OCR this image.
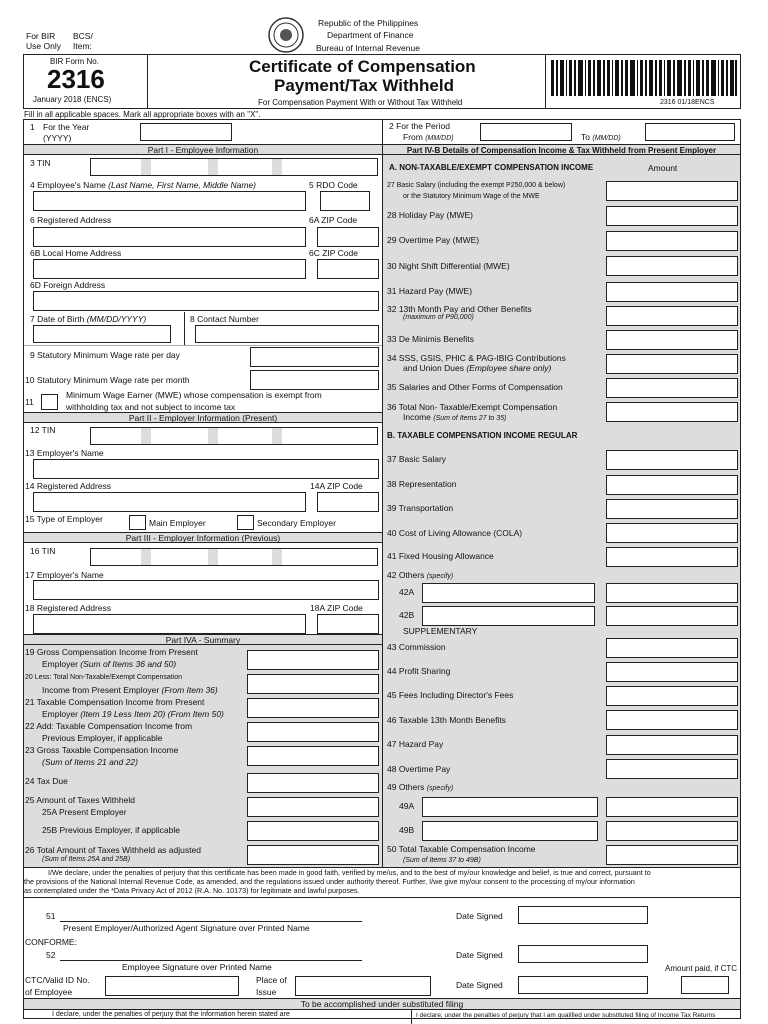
For BIR
Use Only
BCS/
Item:
Republic of the Philippines
Department of Finance
Bureau of Internal Revenue
BIR Form No.
2316
January 2018 (ENCS)
Certificate of Compensation
Payment/Tax Withheld
For Compensation Payment With or Without Tax Withheld	2316 01/18ENCS
Fill in all applicable spaces. Mark all appropriate boxes with an "X".
1 For the Year
(YYYY)
Part I - Employee Information
3 TIN
4 Employee's Name (Last Name, First Name, Middle Name)	5 RDO Code
6 Registered Address	6A ZIP Code
6B Local Home Address	6C ZIP Code
6D Foreign Address
7 Date of Birth (MM/DD/YYYY)	8 Contact Number
9 Statutory Minimum Wage rate per day
10 Statutory Minimum Wage rate per month
11
Minimum Wage Earner (MWE) whose compensation is exempt from
withholding tax and not subject to income tax
Part II - Employer Information (Present)
12 TIN
13 Employer's Name
14 Registered Address	14A ZIP Code
15 Type of Employer	Main Employer	Secondary Employer
Part III - Employer Information (Previous)
16 TIN
17 Employer's Name
18 Registered Address	18A ZIP Code
Part IVA - Summary
19 Gross Compensation Income from Present
Employer (Sum of Items 36 and 50)
20 Less: Total Non-Taxable/Exempt Compensation
Income from Present Employer (From Item 36)
21 Taxable Compensation Income from Present
Employer (Item 19 Less Item 20) (From Item 50)
22 Add: Taxable Compensation Income from
Previous Employer, if applicable
23 Gross Taxable Compensation Income
(Sum of Items 21 and 22)
24 Tax Due
25 Amount of Taxes Withheld
25A Present Employer
25B Previous Employer, if applicable
26 Total Amount of Taxes Withheld as adjusted
(Sum of Items 25A and 25B)
2 For the Period
From (MM/DD)	To (MM/DD)
Part IV-B Details of Compensation Income & Tax Withheld from Present Employer
A. NON-TAXABLE/EXEMPT COMPENSATION INCOME	Amount
27 Basic Salary (including the exempt P250,000 & below)
or the Statutory Minimum Wage of the MWE
28 Holiday Pay (MWE)
29 Overtime Pay (MWE)
30 Night Shift Differential (MWE)
31 Hazard Pay (MWE)
32 13th Month Pay and Other Benefits
(maximum of P90,000)
33 De Minimis Benefits
34 SSS, GSIS, PHIC & PAG-IBIG Contributions
and Union Dues (Employee share only)
35 Salaries and Other Forms of Compensation
36 Total Non- Taxable/Exempt Compensation
Income (Sum of Items 27 to 35)
B. TAXABLE COMPENSATION INCOME REGULAR
37 Basic Salary
38 Representation
39 Transportation
40 Cost of Living Allowance (COLA)
41 Fixed Housing Allowance
42 Others (specify)
42A
42B
SUPPLEMENTARY
43 Commission
44 Profit Sharing
45 Fees Including Director's Fees
46 Taxable 13th Month Benefits
47 Hazard Pay
48 Overtime Pay
49 Others (specify)
49A
49B
50 Total Taxable Compensation Income
(Sum of Items 37 to 49B)
I/We declare, under the penalties of perjury that this certificate has been made in good faith, verified by me/us, and to the best of my/our knowledge and belief, is true and correct, pursuant to
the provisions of the National Internal Revenue Code, as amended, and the regulations issued under authority thereof. Further, I/we give my/our consent to the processing of my/our information
as contemplated under the *Data Privacy Act of 2012 (R.A. No. 10173) for legitimate and lawful purposes.
51
Present Employer/Authorized Agent Signature over Printed Name
Date Signed
CONFORME:
52
Employee Signature over Printed Name
Date Signed
CTC/Valid ID No.
of Employee
Place of
Issue
Date Signed
Amount paid, if CTC
To be accomplished under substituted filing
I declare, under the penalties of perjury that the information herein stated are	I declare, under the penalties of perjury that I am qualified under substituted filing of Income Tax Returns
